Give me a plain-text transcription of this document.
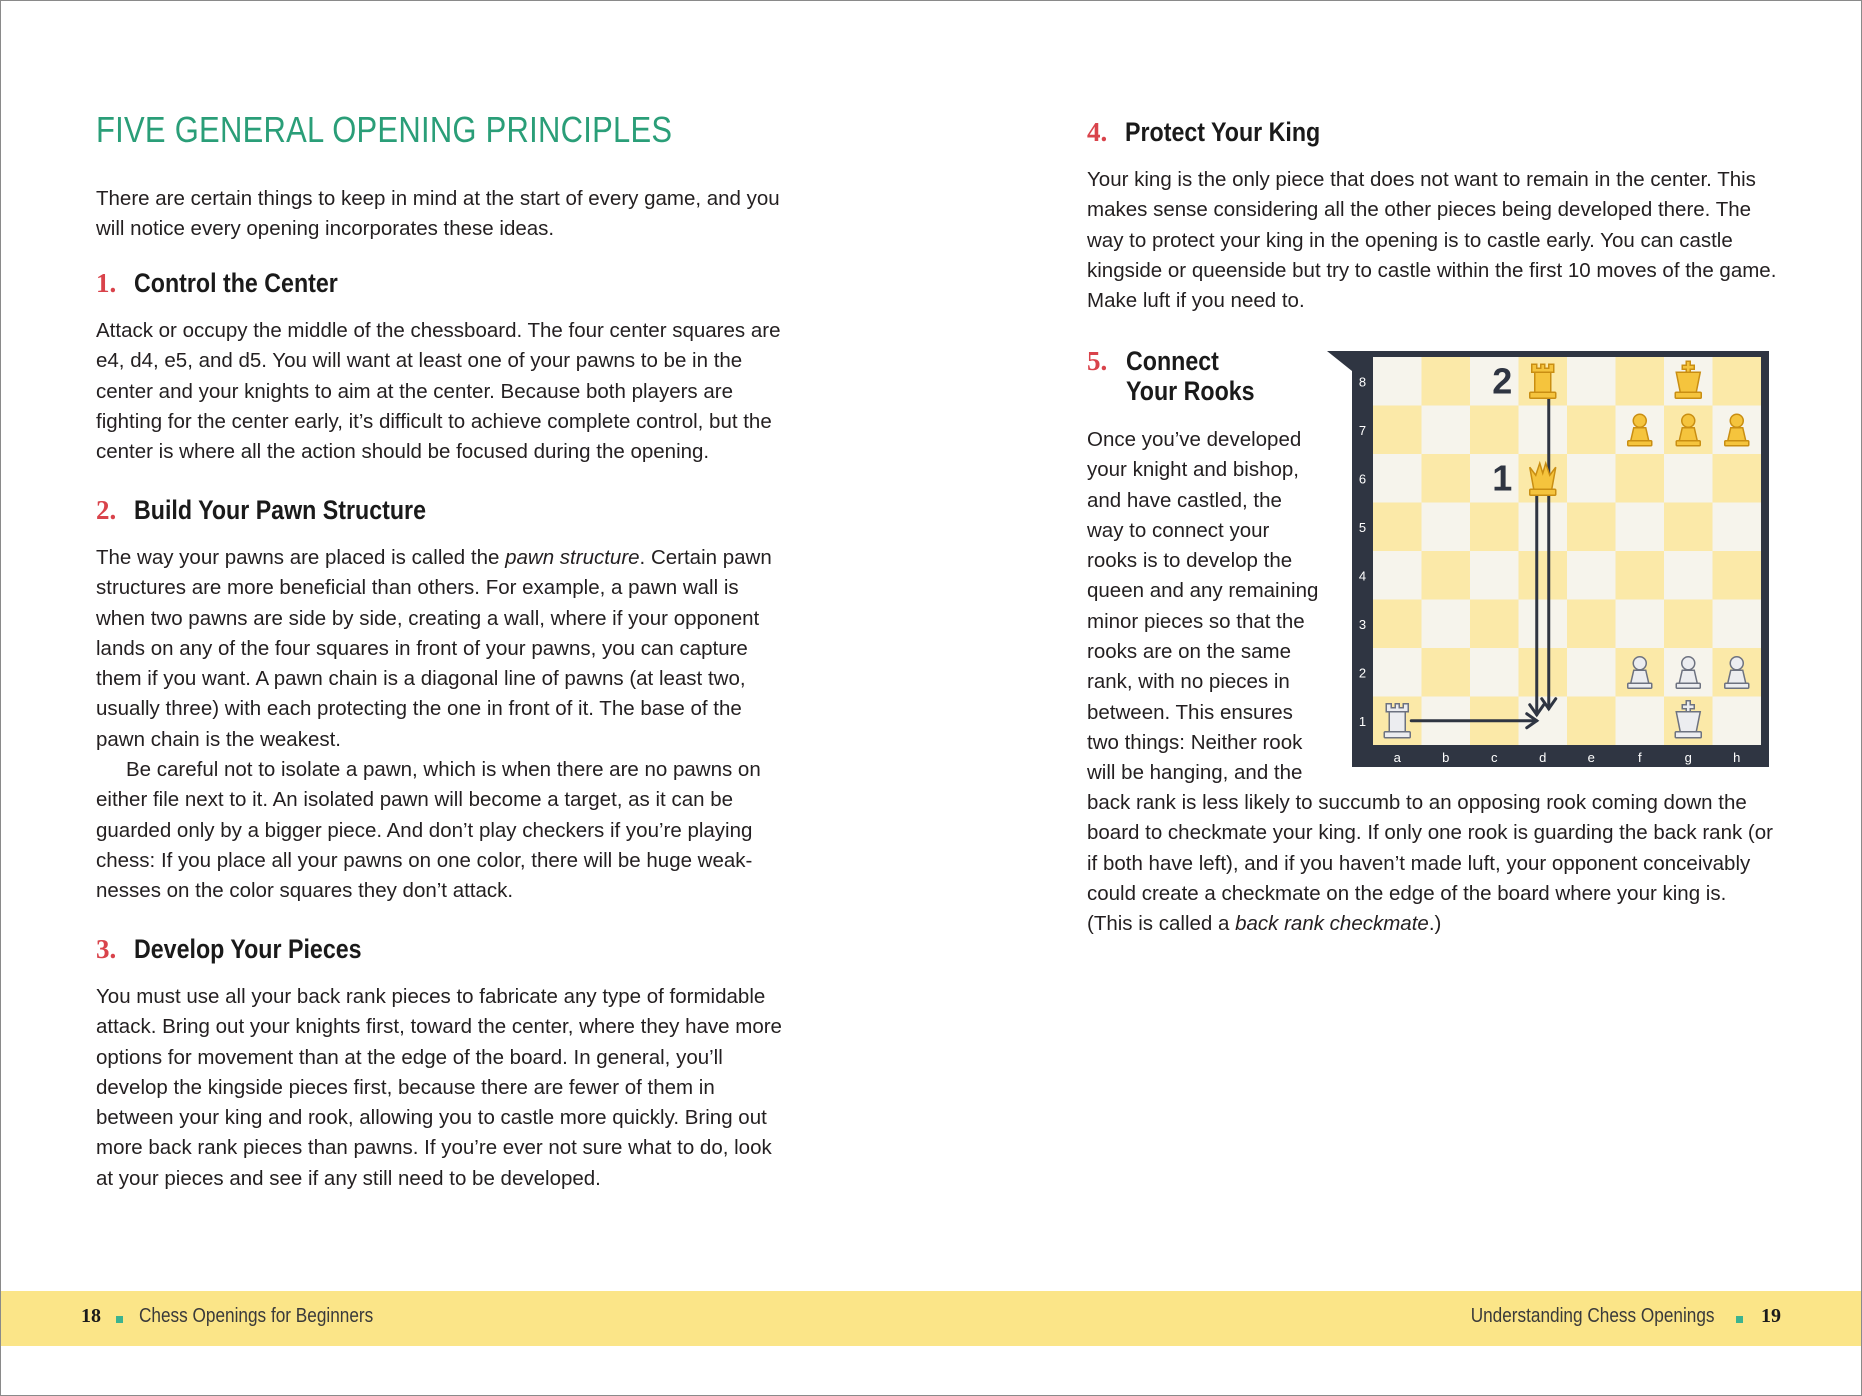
FIVE GENERAL OPENING PRINCIPLES

There are certain things to keep in mind at the start of every game, and you will notice every opening incorporates these ideas.

1. Control the Center

Attack or occupy the middle of the chessboard. The four center squares are e4, d4, e5, and d5. You will want at least one of your pawns to be in the center and your knights to aim at the center. Because both players are fighting for the center early, it’s difficult to achieve complete control, but the center is where all the action should be focused during the opening.

2. Build Your Pawn Structure

The way your pawns are placed is called the pawn structure. Certain pawn structures are more beneficial than others. For example, a pawn wall is when two pawns are side by side, creating a wall, where if your opponent lands on any of the four squares in front of your pawns, you can capture them if you want. A pawn chain is a diagonal line of pawns (at least two, usually three) with each protecting the one in front of it. The base of the pawn chain is the weakest.

Be careful not to isolate a pawn, which is when there are no pawns on either file next to it. An isolated pawn will become a target, as it can be guarded only by a bigger piece. And don’t play checkers if you’re playing chess: If you place all your pawns on one color, there will be huge weaknesses on the color squares they don’t attack.

3. Develop Your Pieces

You must use all your back rank pieces to fabricate any type of formidable attack. Bring out your knights first, toward the center, where they have more options for movement than at the edge of the board. In general, you’ll develop the kingside pieces first, because there are fewer of them in between your king and rook, allowing you to castle more quickly. Bring out more back rank pieces than pawns. If you’re ever not sure what to do, look at your pieces and see if any still need to be developed.

4. Protect Your King

Your king is the only piece that does not want to remain in the center. This makes sense considering all the other pieces being developed there. The way to protect your king in the opening is to castle early. You can castle kingside or queenside but try to castle within the first 10 moves of the game. Make luft if you need to.

5. Connect
Your Rooks

Once you’ve developed

your knight and bishop,

and have castled, the

way to connect your

rooks is to develop the

queen and any remaining

minor pieces so that the

rooks are on the same

rank, with no pieces in

between. This ensures

two things: Neither rook

will be hanging, and the

back rank is less likely to succumb to an opposing rook coming down the board to checkmate your king. If only one rook is guarding the back rank (or if both have left), and if you haven’t made luft, your opponent conceivably could create a checkmate on the edge of the board where your king is. (This is called a back rank checkmate.)

8
7
6
5
4
3
2
1
a	b	c	d	e	f	g	h
1
2
18 Chess Openings for Beginners	Understanding Chess Openings 19
